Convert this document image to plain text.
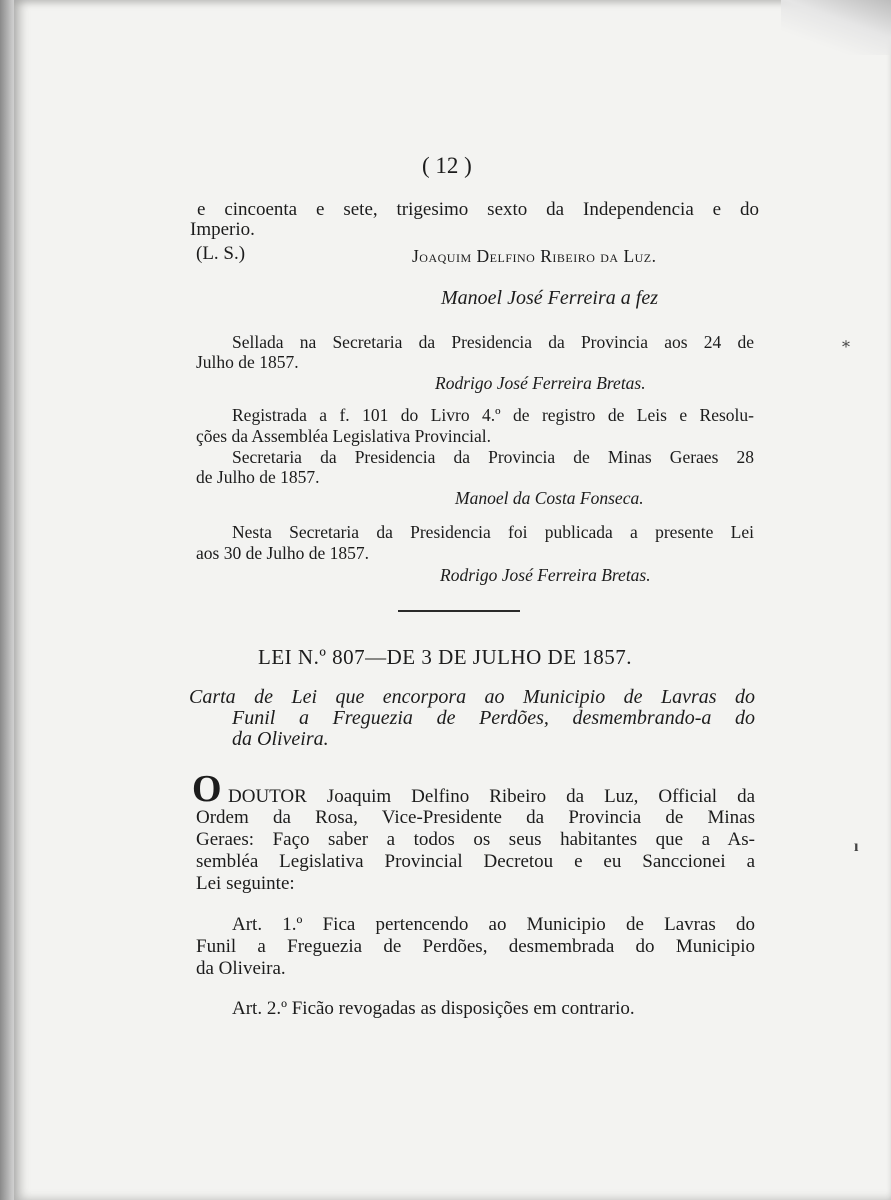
( 12 )
e cincoenta e sete, trigesimo sexto da Independencia e do
Imperio.
(L. S.)	Joaquim Delfino Ribeiro da Luz.
Manoel José Ferreira a fez
Sellada na Secretaria da Presidencia da Provincia aos 24 de
Julho de 1857.
Rodrigo José Ferreira Bretas.
Registrada a f. 101 do Livro 4.º de registro de Leis e Resolu-
ções da Assembléa Legislativa Provincial.
Secretaria da Presidencia da Provincia de Minas Geraes 28
de Julho de 1857.
Manoel da Costa Fonseca.
Nesta Secretaria da Presidencia foi publicada a presente Lei
aos 30 de Julho de 1857.
Rodrigo José Ferreira Bretas.
LEI N.º 807—DE 3 DE JULHO DE 1857.
Carta de Lei que encorpora ao Municipio de Lavras do
Funil a Freguezia de Perdões, desmembrando-a do
da Oliveira.
O DOUTOR Joaquim Delfino Ribeiro da Luz, Official da
Ordem da Rosa, Vice-Presidente da Provincia de Minas
Geraes: Faço saber a todos os seus habitantes que a As-
sembléa Legislativa Provincial Decretou e eu Sanccionei a
Lei seguinte:
Art. 1.º Fica pertencendo ao Municipio de Lavras do
Funil a Freguezia de Perdões, desmembrada do Municipio
da Oliveira.
Art. 2.º Ficão revogadas as disposições em contrario.
⁎
ı
